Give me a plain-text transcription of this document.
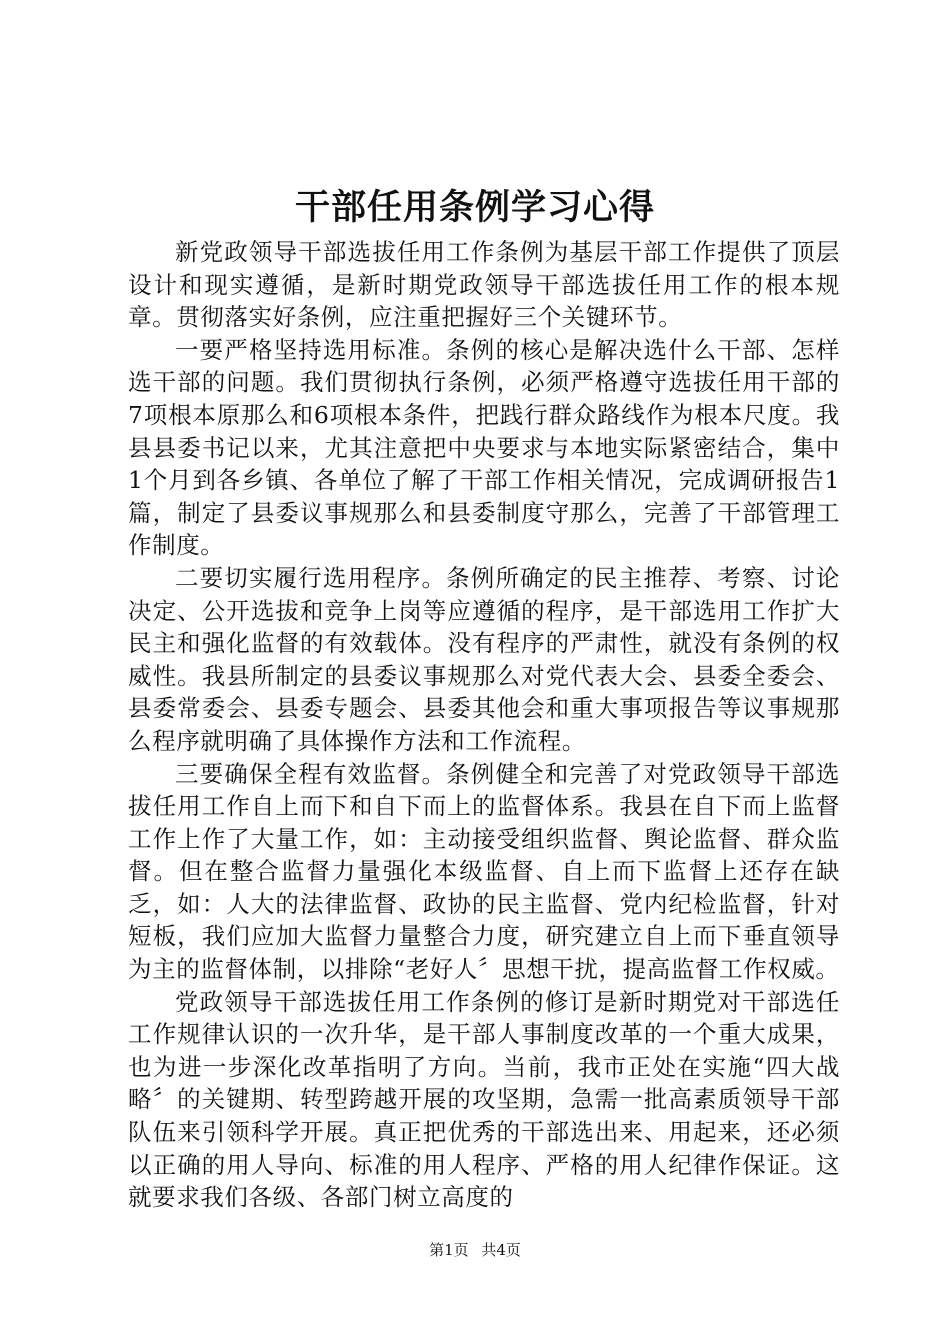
干部任用条例学习心得

新党政领导干部选拔任用工作条例为基层干部工作提供了顶层设计和现实遵循，是新时期党政领导干部选拔任用工作的根本规章。贯彻落实好条例，应注重把握好三个关键环节。

一要严格坚持选用标准。条例的核心是解决选什么干部、怎样选干部的问题。我们贯彻执行条例，必须严格遵守选拔任用干部的7项根本原那么和6项根本条件，把践行群众路线作为根本尺度。我县县委书记以来，尤其注意把中央要求与本地实际紧密结合，集中1个月到各乡镇、各单位了解了干部工作相关情况，完成调研报告1篇，制定了县委议事规那么和县委制度守那么，完善了干部管理工作制度。

二要切实履行选用程序。条例所确定的民主推荐、考察、讨论决定、公开选拔和竞争上岗等应遵循的程序，是干部选用工作扩大民主和强化监督的有效载体。没有程序的严肃性，就没有条例的权威性。我县所制定的县委议事规那么对党代表大会、县委全委会、县委常委会、县委专题会、县委其他会和重大事项报告等议事规那么程序就明确了具体操作方法和工作流程。

三要确保全程有效监督。条例健全和完善了对党政领导干部选拔任用工作自上而下和自下而上的监督体系。我县在自下而上监督工作上作了大量工作，如：主动接受组织监督、舆论监督、群众监督。但在整合监督力量强化本级监督、自上而下监督上还存在缺乏，如：人大的法律监督、政协的民主监督、党内纪检监督，针对短板，我们应加大监督力量整合力度，研究建立自上而下垂直领导为主的监督体制，以排除“老好人〞思想干扰，提高监督工作权威。

党政领导干部选拔任用工作条例的修订是新时期党对干部选任工作规律认识的一次升华，是干部人事制度改革的一个重大成果，也为进一步深化改革指明了方向。当前，我市正处在实施“四大战略〞的关键期、转型跨越开展的攻坚期，急需一批高素质领导干部队伍来引领科学开展。真正把优秀的干部选出来、用起来，还必须以正确的用人导向、标准的用人程序、严格的用人纪律作保证。这就要求我们各级、各部门树立高度的

第1页 共4页
